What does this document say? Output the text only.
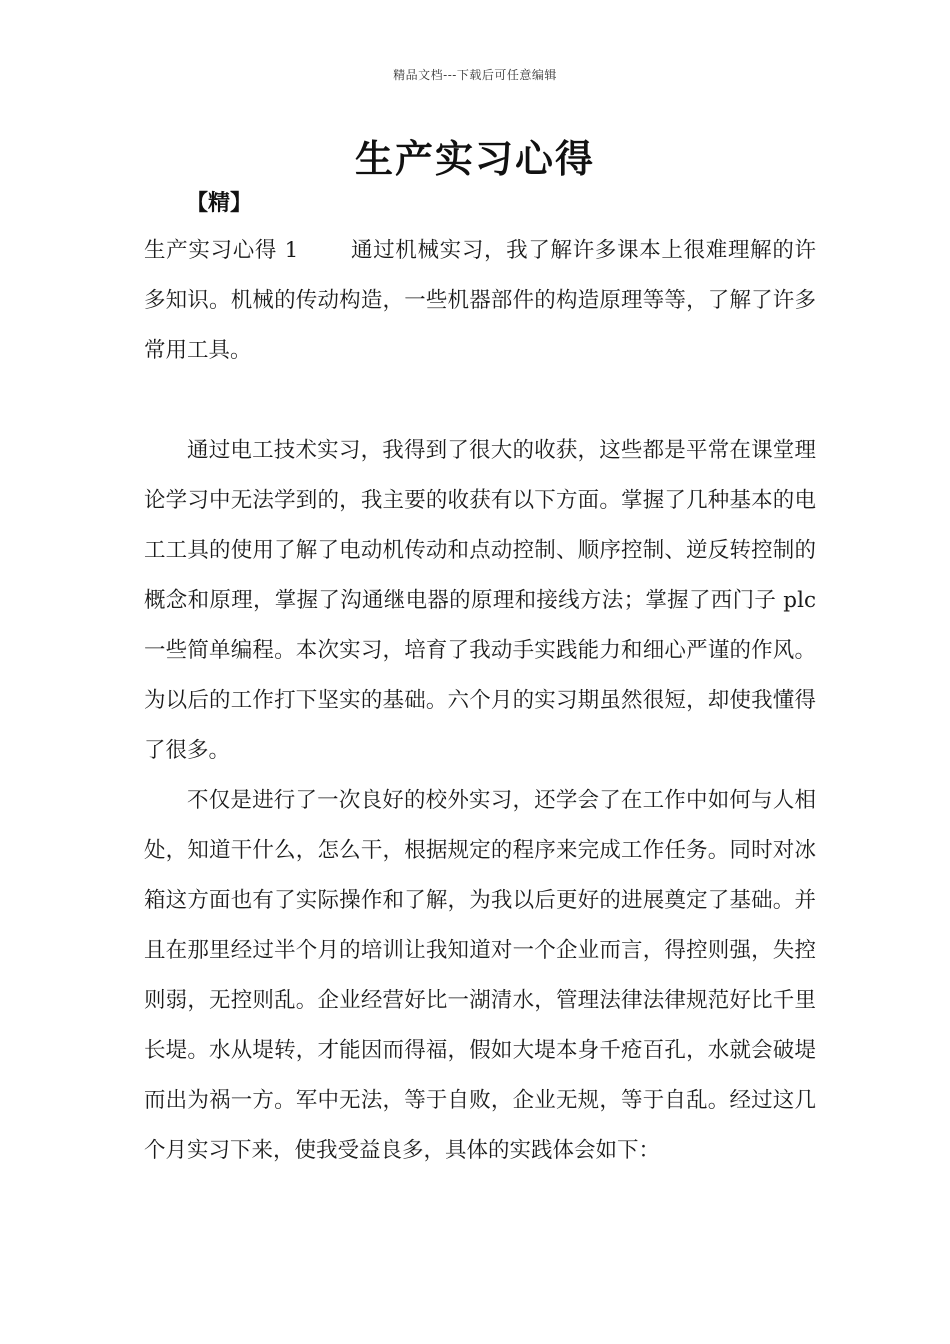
精品文档---下载后可任意编辑
生产实习心得
【精】

生产实习心得 1 通过机械实习，我了解许多课本上很难理解的许多知识。机械的传动构造，一些机器部件的构造原理等等，了解了许多常用工具。

通过电工技术实习，我得到了很大的收获，这些都是平常在课堂理论学习中无法学到的，我主要的收获有以下方面。掌握了几种基本的电工工具的使用了解了电动机传动和点动控制、顺序控制、逆反转控制的概念和原理，掌握了沟通继电器的原理和接线方法；掌握了西门子 plc 一些简单编程。本次实习，培育了我动手实践能力和细心严谨的作风。为以后的工作打下坚实的基础。六个月的实习期虽然很短，却使我懂得了很多。

不仅是进行了一次良好的校外实习，还学会了在工作中如何与人相处，知道干什么，怎么干，根据规定的程序来完成工作任务。同时对冰箱这方面也有了实际操作和了解，为我以后更好的进展奠定了基础。并且在那里经过半个月的培训让我知道对一个企业而言，得控则强，失控则弱，无控则乱。企业经营好比一湖清水，管理法律法律规范好比千里长堤。水从堤转，才能因而得福，假如大堤本身千疮百孔，水就会破堤而出为祸一方。军中无法，等于自败，企业无规，等于自乱。经过这几个月实习下来，使我受益良多，具体的实践体会如下：
